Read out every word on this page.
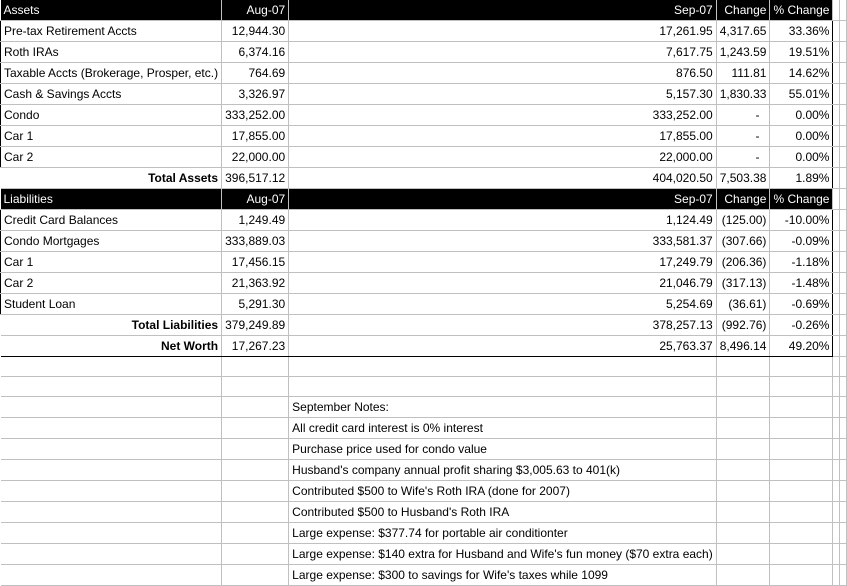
Assets	Aug-07	Sep-07	Change	% Change		
Pre-tax Retirement Accts	12,944.30	17,261.95	4,317.65	33.36%		
Roth IRAs	6,374.16	7,617.75	1,243.59	19.51%		
Taxable Accts (Brokerage, Prosper, etc.)	764.69	876.50	111.81	14.62%		
Cash & Savings Accts	3,326.97	5,157.30	1,830.33	55.01%		
Condo	333,252.00	333,252.00	-	0.00%		
Car 1	17,855.00	17,855.00	-	0.00%		
Car 2	22,000.00	22,000.00	-	0.00%		
Total Assets	396,517.12	404,020.50	7,503.38	1.89%		
Liabilities	Aug-07	Sep-07	Change	% Change		
Credit Card Balances	1,249.49	1,124.49	(125.00)	-10.00%		
Condo Mortgages	333,889.03	333,581.37	(307.66)	-0.09%		
Car 1	17,456.15	17,249.79	(206.36)	-1.18%		
Car 2	21,363.92	21,046.79	(317.13)	-1.48%		
Student Loan	5,291.30	5,254.69	(36.61)	-0.69%		
Total Liabilities	379,249.89	378,257.13	(992.76)	-0.26%		
Net Worth	17,267.23	25,763.37	8,496.14	49.20%		

		September Notes:				
		All credit card interest is 0% interest				
		Purchase price used for condo value				
		Husband's company annual profit sharing $3,005.63 to 401(k)				
		Contributed $500 to Wife's Roth IRA (done for 2007)				
		Contributed $500 to Husband's Roth IRA				
		Large expense: $377.74 for portable air conditionter				
		Large expense: $140 extra for Husband and Wife's fun money ($70 extra each)				
		Large expense: $300 to savings for Wife's taxes while 1099				
